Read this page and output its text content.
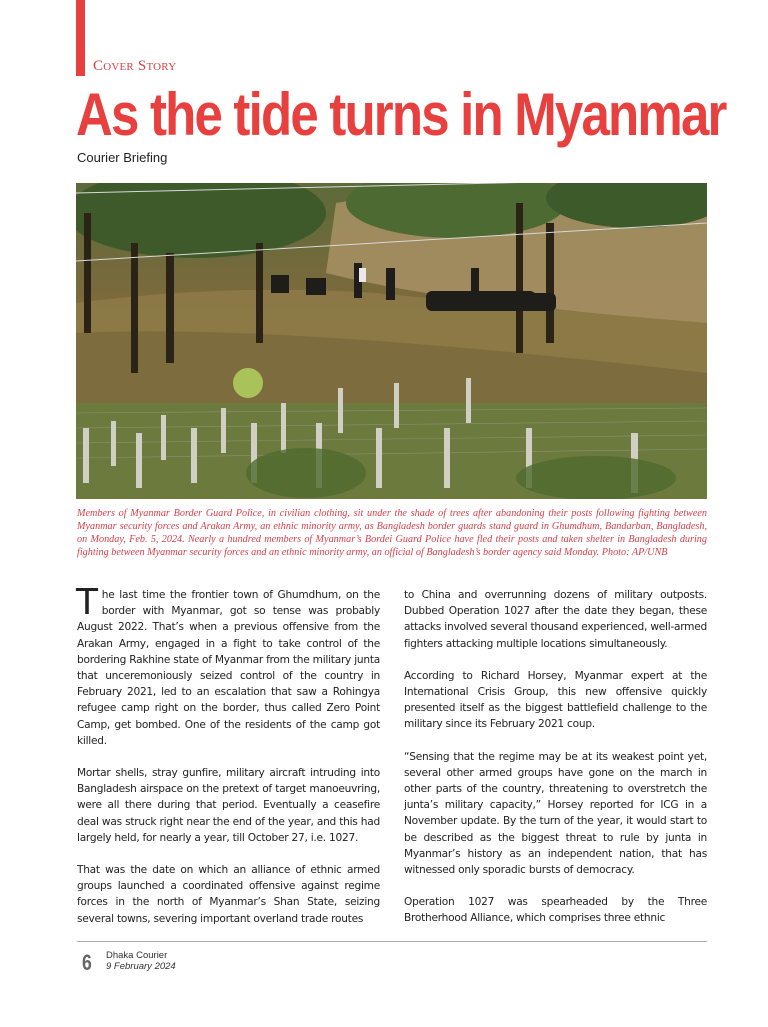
Cover Story
As the tide turns in Myanmar
Courier Briefing
Members of Myanmar Border Guard Police, in civilian clothing, sit under the shade of trees after abandoning their posts following fighting between Myanmar security forces and Arakan Army, an ethnic minority army, as Bangladesh border guards stand guard in Ghumdhum, Bandarban, Bangladesh, on Monday, Feb. 5, 2024. Nearly a hundred members of Myanmar’s Bordei Guard Police have fled their posts and taken shelter in Bangladesh during fighting between Myanmar security forces and an ethnic minority army, an official of Bangladesh’s border agency said Monday. Photo: AP/UNB

The last time the frontier town of Ghumdhum, on the border with Myanmar, got so tense was probably August 2022. That’s when a previous offensive from the Arakan Army, engaged in a fight to take control of the bordering Rakhine state of Myanmar from the military junta that unceremoniously seized control of the country in February 2021, led to an escalation that saw a Rohingya refugee camp right on the border, thus called Zero Point Camp, get bombed. One of the residents of the camp got killed.

Mortar shells, stray gunfire, military aircraft intruding into Bangladesh airspace on the pretext of target manoeuvring, were all there during that period. Eventually a ceasefire deal was struck right near the end of the year, and this had largely held, for nearly a year, till October 27, i.e. 1027.

That was the date on which an alliance of ethnic armed groups launched a coordinated offensive against regime forces in the north of Myanmar’s Shan State, seizing several towns, severing important overland trade routes

to China and overrunning dozens of military outposts. Dubbed Operation 1027 after the date they began, these attacks involved several thousand experienced, well-armed fighters attacking multiple locations simultaneously.

According to Richard Horsey, Myanmar expert at the International Crisis Group, this new offensive quickly presented itself as the biggest battlefield challenge to the military since its February 2021 coup.

“Sensing that the regime may be at its weakest point yet, several other armed groups have gone on the march in other parts of the country, threatening to overstretch the junta’s military capacity,” Horsey reported for ICG in a November update. By the turn of the year, it would start to be described as the biggest threat to rule by junta in Myanmar’s history as an independent nation, that has witnessed only sporadic bursts of democracy.

Operation 1027 was spearheaded by the Three Brotherhood Alliance, which comprises three ethnic

6 Dhaka Courier
9 February 2024
